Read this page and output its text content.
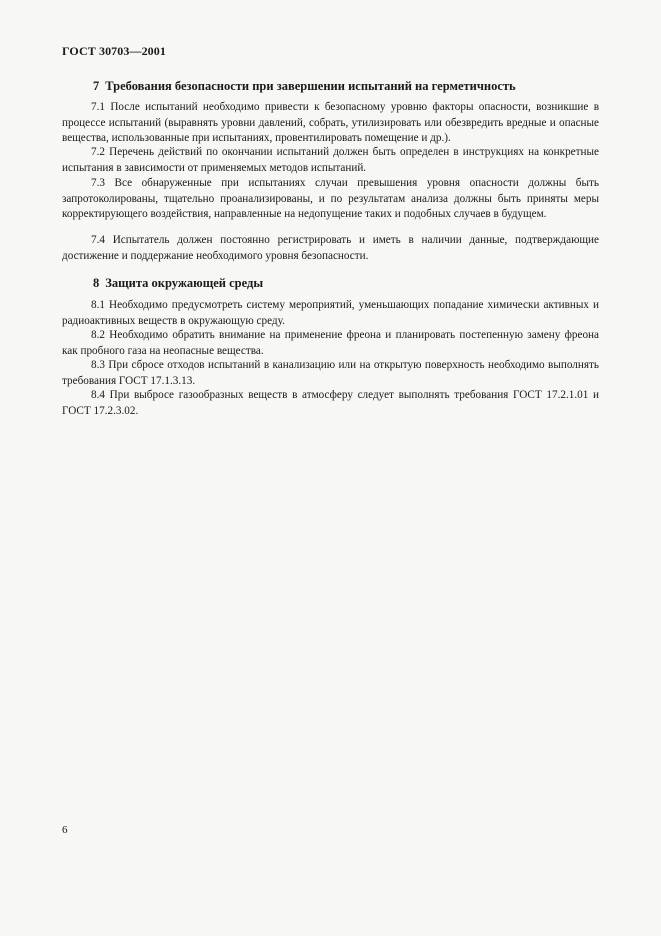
ГОСТ 30703—2001
7 Требования безопасности при завершении испытаний на герметичность

7.1 После испытаний необходимо привести к безопасному уровню факторы опасности, возникшие в процессе испытаний (выравнять уровни давлений, собрать, утилизировать или обезвредить вредные и опасные вещества, использованные при испытаниях, провентилировать помещение и др.).

7.2 Перечень действий по окончании испытаний должен быть определен в инструкциях на конкретные испытания в зависимости от применяемых методов испытаний.

7.3 Все обнаруженные при испытаниях случаи превышения уровня опасности должны быть запротоколированы, тщательно проанализированы, и по результатам анализа должны быть приняты меры корректирующего воздействия, направленные на недопущение таких и подобных случаев в будущем.

7.4 Испытатель должен постоянно регистрировать и иметь в наличии данные, подтверждающие достижение и поддержание необходимого уровня безопасности.

8 Защита окружающей среды

8.1 Необходимо предусмотреть систему мероприятий, уменьшающих попадание химически активных и радиоактивных веществ в окружающую среду.

8.2 Необходимо обратить внимание на применение фреона и планировать постепенную замену фреона как пробного газа на неопасные вещества.

8.3 При сбросе отходов испытаний в канализацию или на открытую поверхность необходимо выполнять требования ГОСТ 17.1.3.13.

8.4 При выбросе газообразных веществ в атмосферу следует выполнять требования ГОСТ 17.2.1.01 и ГОСТ 17.2.3.02.

6
